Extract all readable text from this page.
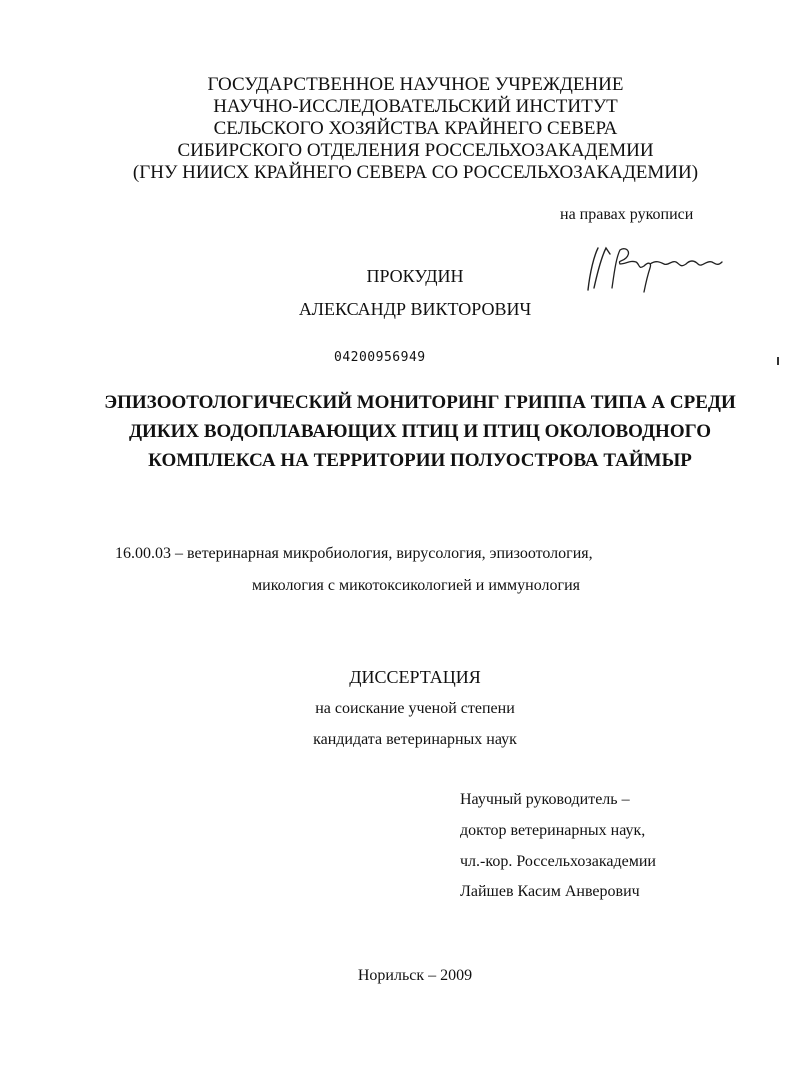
ГОСУДАРСТВЕННОЕ НАУЧНОЕ УЧРЕЖДЕНИЕ
НАУЧНО-ИССЛЕДОВАТЕЛЬСКИЙ ИНСТИТУТ
СЕЛЬСКОГО ХОЗЯЙСТВА КРАЙНЕГО СЕВЕРА
СИБИРСКОГО ОТДЕЛЕНИЯ РОССЕЛЬХОЗАКАДЕМИИ
(ГНУ НИИСХ КРАЙНЕГО СЕВЕРА СО РОССЕЛЬХОЗАКАДЕМИИ)
на правах рукописи
ПРОКУДИН
АЛЕКСАНДР ВИКТОРОВИЧ
04200956949
ЭПИЗООТОЛОГИЧЕСКИЙ МОНИТОРИНГ ГРИППА ТИПА А СРЕДИ
ДИКИХ ВОДОПЛАВАЮЩИХ ПТИЦ И ПТИЦ ОКОЛОВОДНОГО
КОМПЛЕКСА НА ТЕРРИТОРИИ ПОЛУОСТРОВА ТАЙМЫР
16.00.03 – ветеринарная микробиология, вирусология, эпизоотология,
микология с микотоксикологией и иммунология
ДИССЕРТАЦИЯ
на соискание ученой степени
кандидата ветеринарных наук
Научный руководитель –
доктор ветеринарных наук,
чл.-кор. Россельхозакадемии
Лайшев Касим Анверович
Норильск – 2009
